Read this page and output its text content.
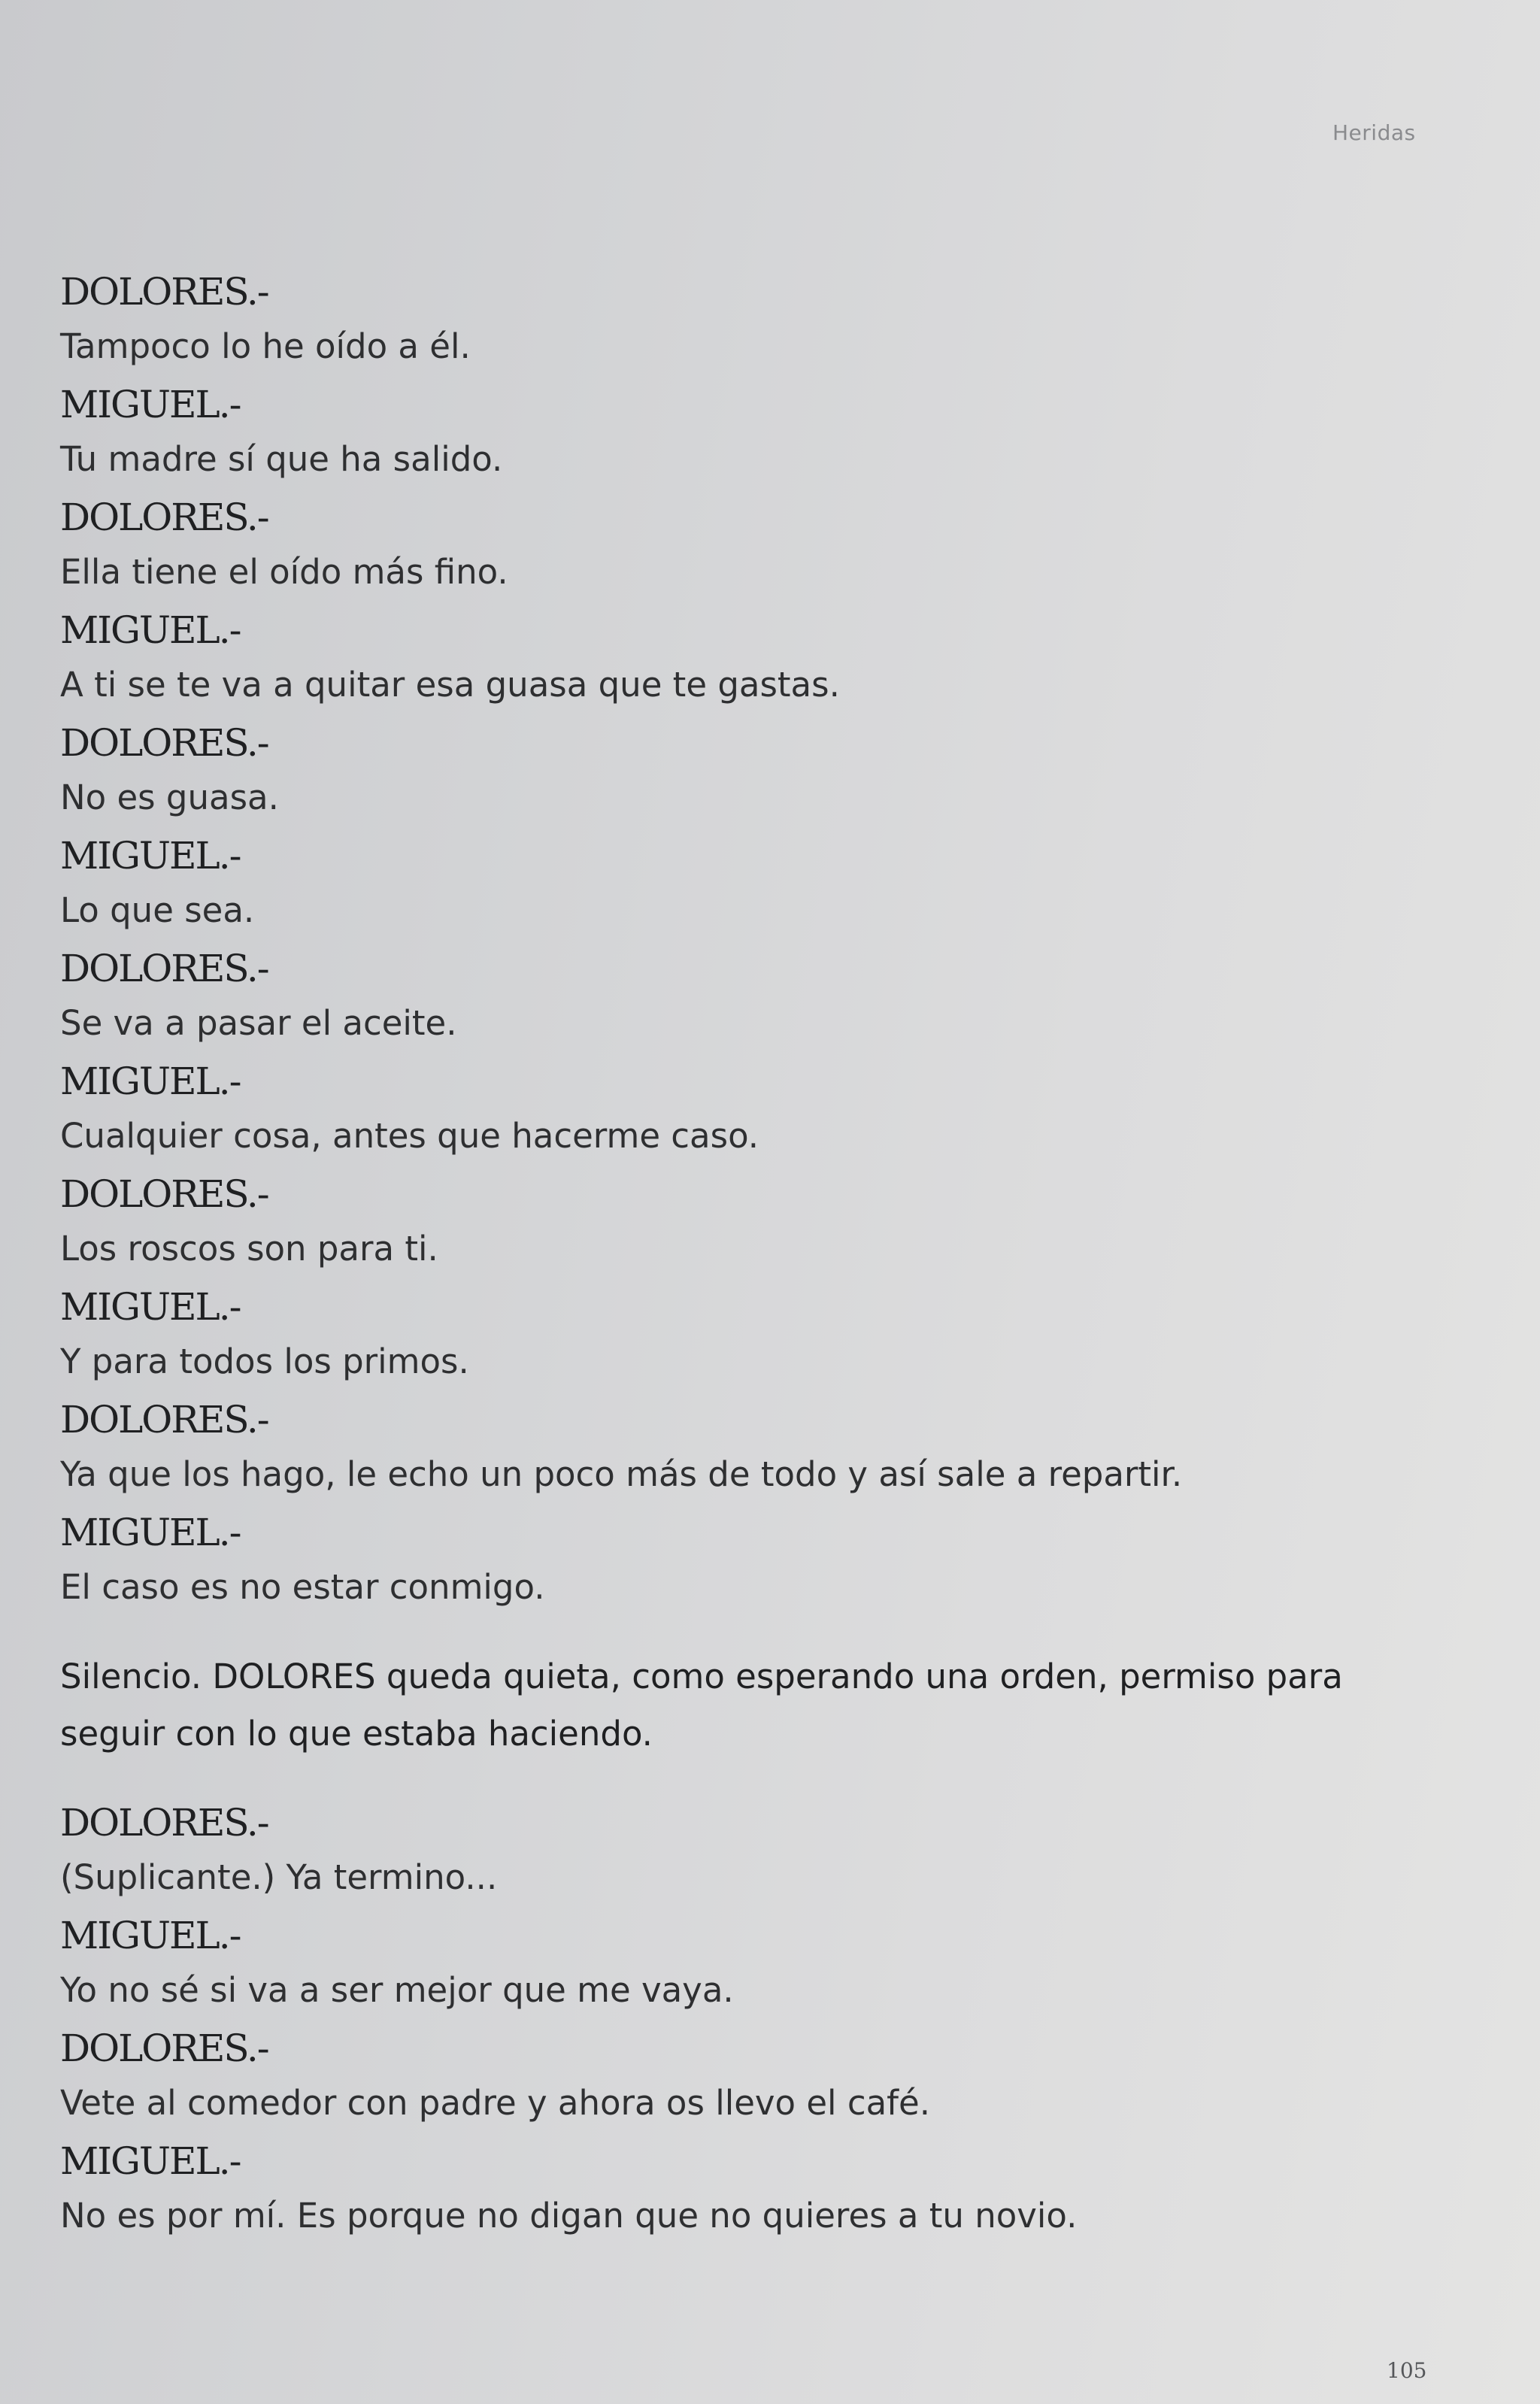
Heridas
DOLORES.-
Tampoco lo he oído a él.
MIGUEL.-
Tu madre sí que ha salido.
DOLORES.-
Ella tiene el oído más fino.
MIGUEL.-
A ti se te va a quitar esa guasa que te gastas.
DOLORES.-
No es guasa.
MIGUEL.-
Lo que sea.
DOLORES.-
Se va a pasar el aceite.
MIGUEL.-
Cualquier cosa, antes que hacerme caso.
DOLORES.-
Los roscos son para ti.
MIGUEL.-
Y para todos los primos.
DOLORES.-
Ya que los hago, le echo un poco más de todo y así sale a repartir.
MIGUEL.-
El caso es no estar conmigo.
Silencio. DOLORES queda quieta, como esperando una orden, permiso para seguir con lo que estaba haciendo.
DOLORES.-
(Suplicante.) Ya termino...
MIGUEL.-
Yo no sé si va a ser mejor que me vaya.
DOLORES.-
Vete al comedor con padre y ahora os llevo el café.
MIGUEL.-
No es por mí. Es porque no digan que no quieres a tu novio.
105
